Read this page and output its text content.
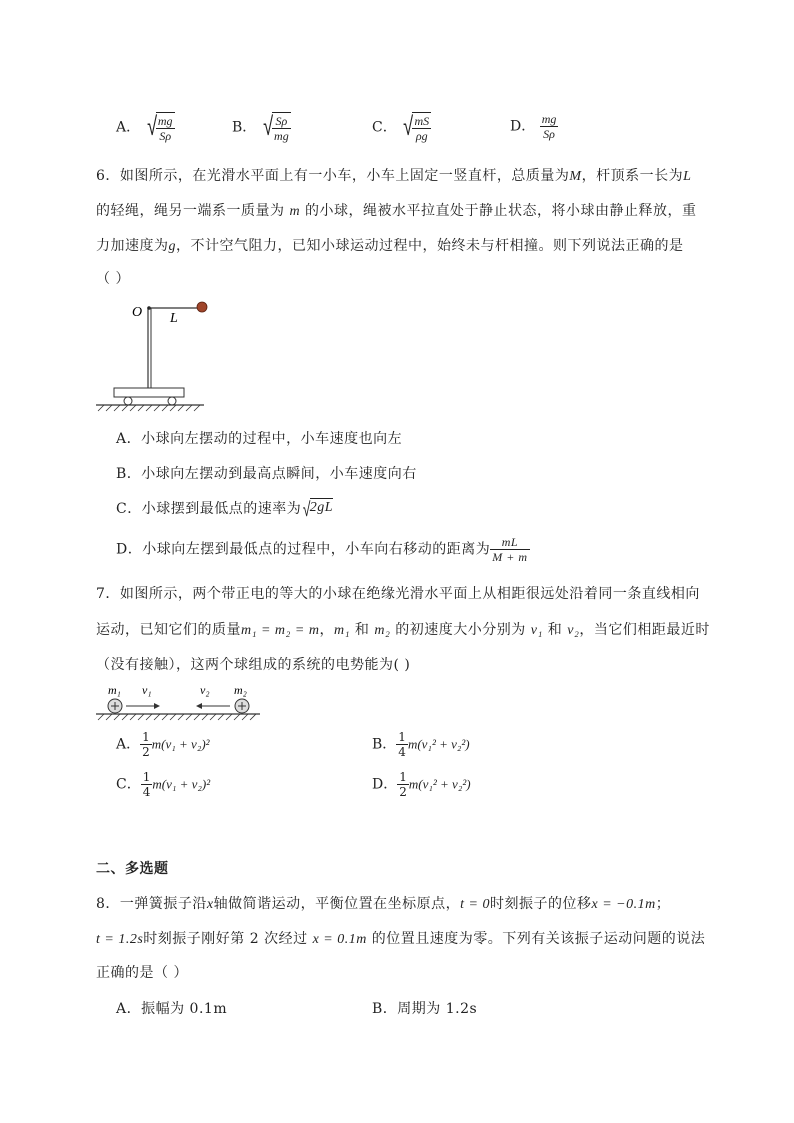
A． √ $\frac{mg}{S\rho}$	B． √ $\frac{S\rho}{mg}$	C． √ $\frac{mS}{\rho g}$	D． $\frac{mg}{S\rho}$
6．如图所示，在光滑水平面上有一小车，小车上固定一竖直杆，总质量为M，杆顶系一长为L
的轻绳，绳另一端系一质量为 m 的小球，绳被水平拉直处于静止状态，将小球由静止释放，重
力加速度为g，不计空气阻力，已知小球运动过程中，始终未与杆相撞。则下列说法正确的是
（ ）
O L
A．小球向左摆动的过程中，小车速度也向左
B．小球向左摆动到最高点瞬间，小车速度向右
C．小球摆到最低点的速率为 √
2gL
D．小球向左摆到最低点的过程中，小车向右移动的距离为 $\frac{mL}{M + m}$
7．如图所示，两个带正电的等大的小球在绝缘光滑水平面上从相距很远处沿着同一条直线相向
运动，已知它们的质量m₁ = m₂ = m，m₁ 和 m₂ 的初速度大小分别为 v₁ 和 v₂，当它们相距最近时
（没有接触），这两个球组成的系统的电势能为( )
m₁ v₁	v₂ m₂
A． $\frac{1}{2} m(v_1 + v_2)^2$	B． $\frac{1}{4} m(v_1^2 + v_2^2)$
C． $\frac{1}{4} m(v_1 + v_2)^2$	D． $\frac{1}{2} m(v_1^2 + v_2^2)$
二、多选题
8．一弹簧振子沿x轴做简谐运动，平衡位置在坐标原点，t = 0时刻振子的位移x = −0.1m；
t = 1.2s时刻振子刚好第 2 次经过 x = 0.1m 的位置且速度为零。下列有关该振子运动问题的说法
正确的是（ ）
A．振幅为 0.1m	B．周期为 1.2s
